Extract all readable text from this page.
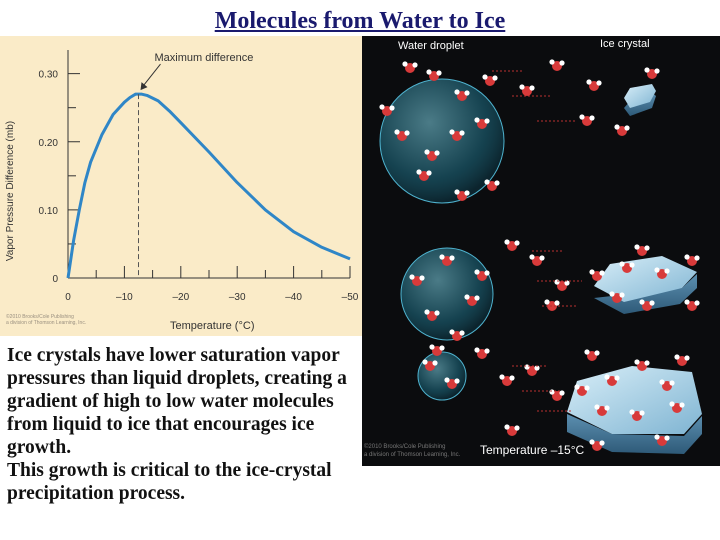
Molecules from Water to Ice
0	–10	–20	–30	–40	–50
0
0.10
0.20
0.30
Maximum difference
Temperature (°C)
Vapor Pressure Difference (mb)
©2010 Brooks/Cole Publishing
a division of Thomson Learning, Inc.

Ice crystals have lower saturation vapor pressures than liquid droplets, creating a gradient of high to low water molecules from liquid to ice that encourages ice growth.

This growth is critical to the ice-crystal precipitation process.

Water droplet	Ice crystal
Temperature –15°C
©2010 Brooks/Cole Publishing
a division of Thomson Learning, Inc.
